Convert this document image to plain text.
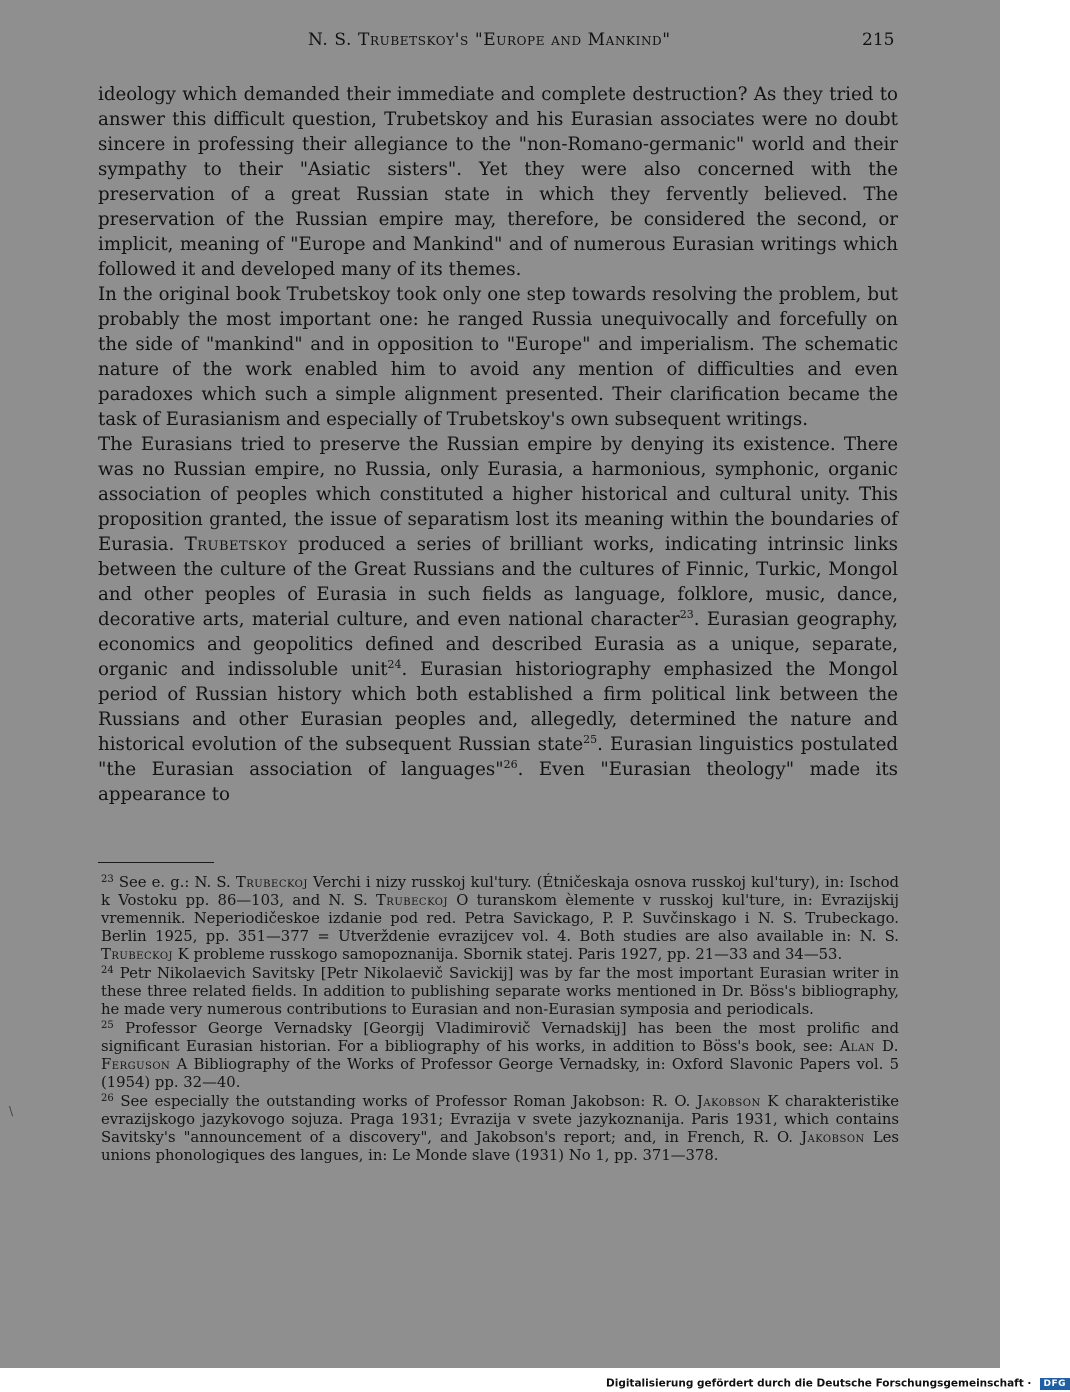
N. S. Trubetskoy's "Europe and Mankind"	215

ideology which demanded their immediate and complete destruction? As they tried to answer this difficult question, Trubetskoy and his Eurasian associates were no doubt sincere in professing their allegiance to the "non-Romano-germanic" world and their sympathy to their "Asiatic sisters". Yet they were also concerned with the preservation of a great Russian state in which they fervently believed. The preservation of the Russian empire may, therefore, be considered the second, or implicit, meaning of "Europe and Mankind" and of numerous Eurasian writings which followed it and developed many of its themes.

In the original book Trubetskoy took only one step towards resolving the problem, but probably the most important one: he ranged Russia unequivocally and forcefully on the side of "mankind" and in opposition to "Europe" and imperialism. The schematic nature of the work enabled him to avoid any mention of difficulties and even paradoxes which such a simple alignment presented. Their clarification became the task of Eurasianism and especially of Trubetskoy's own subsequent writings.

The Eurasians tried to preserve the Russian empire by denying its existence. There was no Russian empire, no Russia, only Eurasia, a harmonious, symphonic, organic association of peoples which constituted a higher historical and cultural unity. This proposition granted, the issue of separatism lost its meaning within the boundaries of Eurasia. Trubetskoy produced a series of brilliant works, indicating intrinsic links between the culture of the Great Russians and the cultures of Finnic, Turkic, Mongol and other peoples of Eurasia in such fields as language, folklore, music, dance, decorative arts, material culture, and even national character$^{23}$. Eurasian geography, economics and geopolitics defined and described Eurasia as a unique, separate, organic and indissoluble unit$^{24}$. Eurasian historiography emphasized the Mongol period of Russian history which both established a firm political link between the Russians and other Eurasian peoples and, allegedly, determined the nature and historical evolution of the subsequent Russian state$^{25}$. Eurasian linguistics postulated "the Eurasian association of languages"$^{26}$. Even "Eurasian theology" made its appearance to

$^{23}$ See e. g.: N. S. Trubeckoj Verchi i nizy russkoj kul'tury. (Étničeskaja osnova russkoj kul'tury), in: Ischod k Vostoku pp. 86—103, and N. S. Trubeckoj O turanskom èlemente v russkoj kul'ture, in: Evrazijskij vremennik. Neperiodičeskoe izdanie pod red. Petra Savickago, P. P. Suvčinskago i N. S. Trubeckago. Berlin 1925, pp. 351—377 = Utverždenie evrazijcev vol. 4. Both studies are also available in: N. S. Trubeckoj K probleme russkogo samopoznanija. Sbornik statej. Paris 1927, pp. 21—33 and 34—53.

$^{24}$ Petr Nikolaevich Savitsky [Petr Nikolaevič Savickij] was by far the most important Eurasian writer in these three related fields. In addition to publishing separate works mentioned in Dr. Böss's bibliography, he made very numerous contributions to Eurasian and non-Eurasian symposia and periodicals.

$^{25}$ Professor George Vernadsky [Georgij Vladimirovič Vernadskij] has been the most prolific and significant Eurasian historian. For a bibliography of his works, in addition to Böss's book, see: Alan D. Ferguson A Bibliography of the Works of Professor George Vernadsky, in: Oxford Slavonic Papers vol. 5 (1954) pp. 32—40.

$^{26}$ See especially the outstanding works of Professor Roman Jakobson: R. O. Jakobson K charakteristike evrazijskogo jazykovogo sojuza. Praga 1931; Evrazija v svete jazykoznanija. Paris 1931, which contains Savitsky's "announcement of a discovery", and Jakobson's report; and, in French, R. O. Jakobson Les unions phonologiques des langues, in: Le Monde slave (1931) No 1, pp. 371—378.

\
Digitalisierung gefördert durch die Deutsche Forschungsgemeinschaft · DFG
